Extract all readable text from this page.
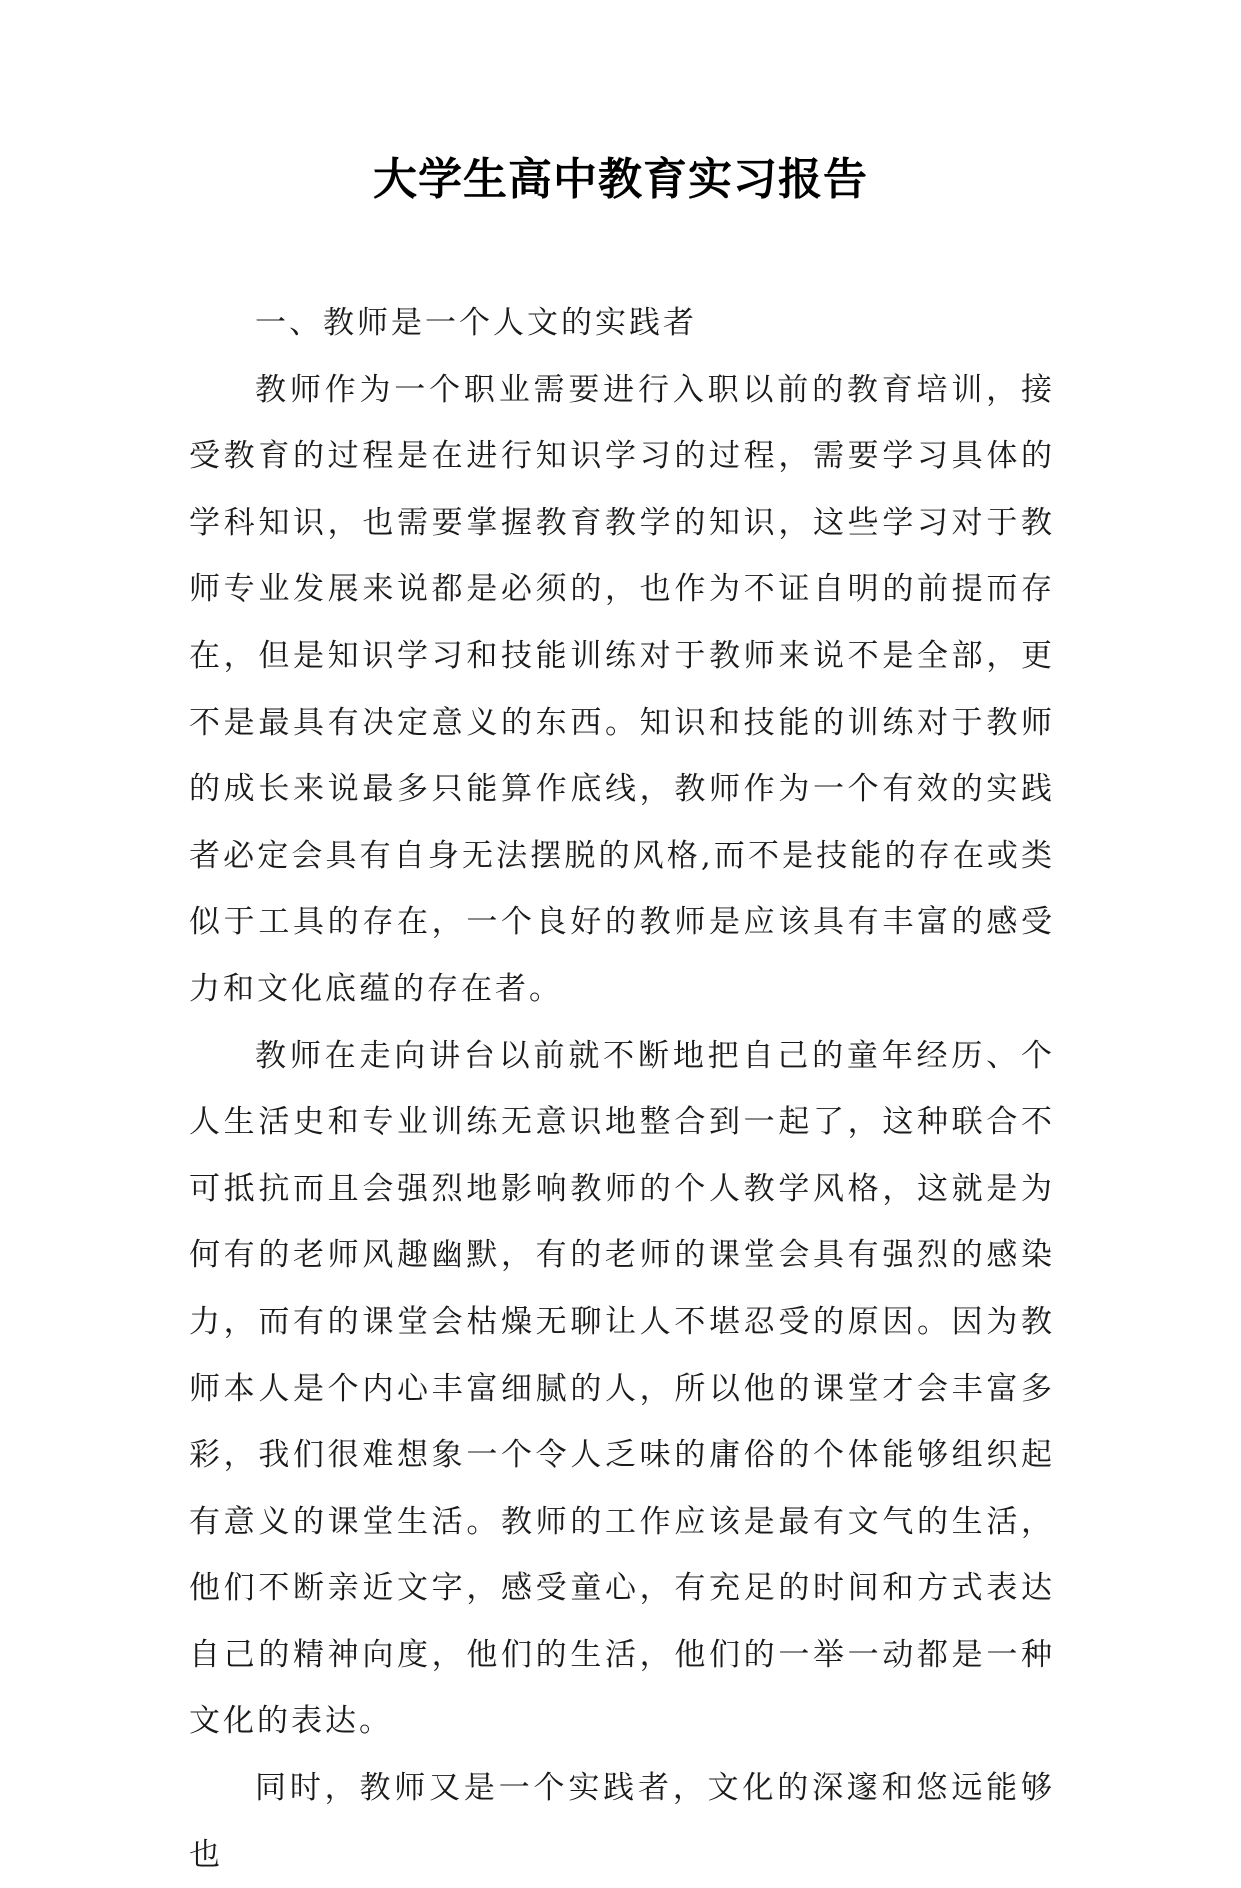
大学生高中教育实习报告

一、教师是一个人文的实践者

教师作为一个职业需要进行入职以前的教育培训，接受教育的过程是在进行知识学习的过程，需要学习具体的学科知识，也需要掌握教育教学的知识，这些学习对于教师专业发展来说都是必须的，也作为不证自明的前提而存在，但是知识学习和技能训练对于教师来说不是全部，更不是最具有决定意义的东西。知识和技能的训练对于教师的成长来说最多只能算作底线，教师作为一个有效的实践者必定会具有自身无法摆脱的风格,而不是技能的存在或类似于工具的存在，一个良好的教师是应该具有丰富的感受力和文化底蕴的存在者。

教师在走向讲台以前就不断地把自己的童年经历、个人生活史和专业训练无意识地整合到一起了，这种联合不可抵抗而且会强烈地影响教师的个人教学风格，这就是为何有的老师风趣幽默，有的老师的课堂会具有强烈的感染力，而有的课堂会枯燥无聊让人不堪忍受的原因。因为教师本人是个内心丰富细腻的人，所以他的课堂才会丰富多彩，我们很难想象一个令人乏味的庸俗的个体能够组织起有意义的课堂生活。教师的工作应该是最有文气的生活，他们不断亲近文字，感受童心，有充足的时间和方式表达自己的精神向度，他们的生活，他们的一举一动都是一种文化的表达。

同时，教师又是一个实践者，文化的深邃和悠远能够也
